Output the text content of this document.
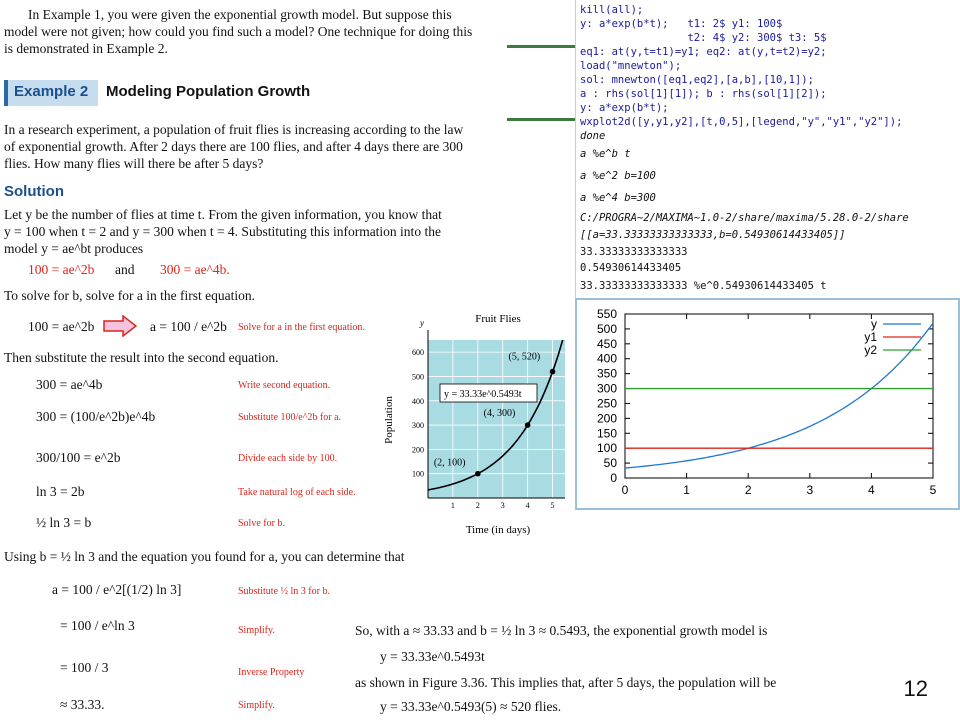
In Example 1, you were given the exponential growth model. But suppose this
model were not given; how could you find such a model? One technique for doing this
is demonstrated in Example 2.
Example 2 Modeling Population Growth
In a research experiment, a population of fruit flies is increasing according to the law
of exponential growth. After 2 days there are 100 flies, and after 4 days there are 300
flies. How many flies will there be after 5 days?
Solution
Let y be the number of flies at time t. From the given information, you know that
y = 100 when t = 2 and y = 300 when t = 4. Substituting this information into the
model y = ae^bt produces
100 = ae^2b and 300 = ae^4b.
To solve for b, solve for a in the first equation.
100 = ae^2b	a = 100 / e^2b Solve for a in the first equation.
Then substitute the result into the second equation.
300 = ae^4b	Write second equation.
300 = (100/e^2b)e^4b	Substitute 100/e^2b for a.
300/100 = e^2b	Divide each side by 100.
ln 3 = 2b	Take natural log of each side.
½ ln 3 = b	Solve for b.
Using b = ½ ln 3 and the equation you found for a, you can determine that
a = 100 / e^2[(1/2) ln 3]	Substitute ½ ln 3 for b.
= 100 / e^ln 3	Simplify.
= 100 / 3	Inverse Property
≈ 33.33.	Simplify.
So, with a ≈ 33.33 and b = ½ ln 3 ≈ 0.5493, the exponential growth model is
y = 33.33e^0.5493t
as shown in Figure 3.36. This implies that, after 5 days, the population will be
y = 33.33e^0.5493(5) ≈ 520 flies.
12
kill(all);
y: a*exp(b*t);   t1: 2$ y1: 100$
t2: 4$ y2: 300$ t3: 5$
eq1: at(y,t=t1)=y1; eq2: at(y,t=t2)=y2;
load("mnewton");
sol: mnewton([eq1,eq2],[a,b],[10,1]);
a : rhs(sol[1][1]); b : rhs(sol[1][2]);
y: a*exp(b*t);
wxplot2d([y,y1,y2],[t,0,5],[legend,"y","y1","y2"]);
done
a %e^b t
a %e^2 b=100
a %e^4 b=300
C:/PROGRA~2/MAXIMA~1.0-2/share/maxima/5.28.0-2/share
[[a=33.33333333333333,b=0.54930614433405]]
33.33333333333333
0.54930614433405
33.33333333333333 %e^0.54930614433405 t
100
200
300
400
500
600
1	2	3	4	5
y	Fruit Flies
Time (in days)
Population
(2, 100)
(4, 300)
(5, 520)
y = 33.33e^0.5493t
0
50
100
150
200
250
300
350
400
450
500
550
0	1	2	3	4	5
y
y1
y2
